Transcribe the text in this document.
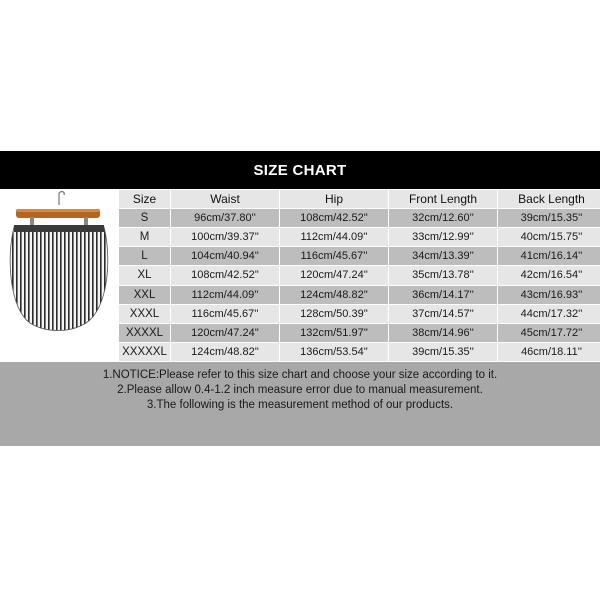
SIZE CHART
Size	Waist	Hip	Front Length	Back Length
S	96cm/37.80''	108cm/42.52''	32cm/12.60''	39cm/15.35''
M	100cm/39.37''	112cm/44.09''	33cm/12.99''	40cm/15.75''
L	104cm/40.94''	116cm/45.67''	34cm/13.39''	41cm/16.14''
XL	108cm/42.52''	120cm/47.24''	35cm/13.78''	42cm/16.54''
XXL	112cm/44.09''	124cm/48.82''	36cm/14.17''	43cm/16.93''
XXXL	116cm/45.67''	128cm/50.39''	37cm/14.57''	44cm/17.32''
XXXXL	120cm/47.24''	132cm/51.97''	38cm/14.96''	45cm/17.72''
XXXXXL	124cm/48.82''	136cm/53.54''	39cm/15.35''	46cm/18.11''

1.NOTICE:Please refer to this size chart and choose your size according to it.

2.Please allow 0.4-1.2 inch measure error due to manual measurement.

3.The following is the measurement method of our products.
